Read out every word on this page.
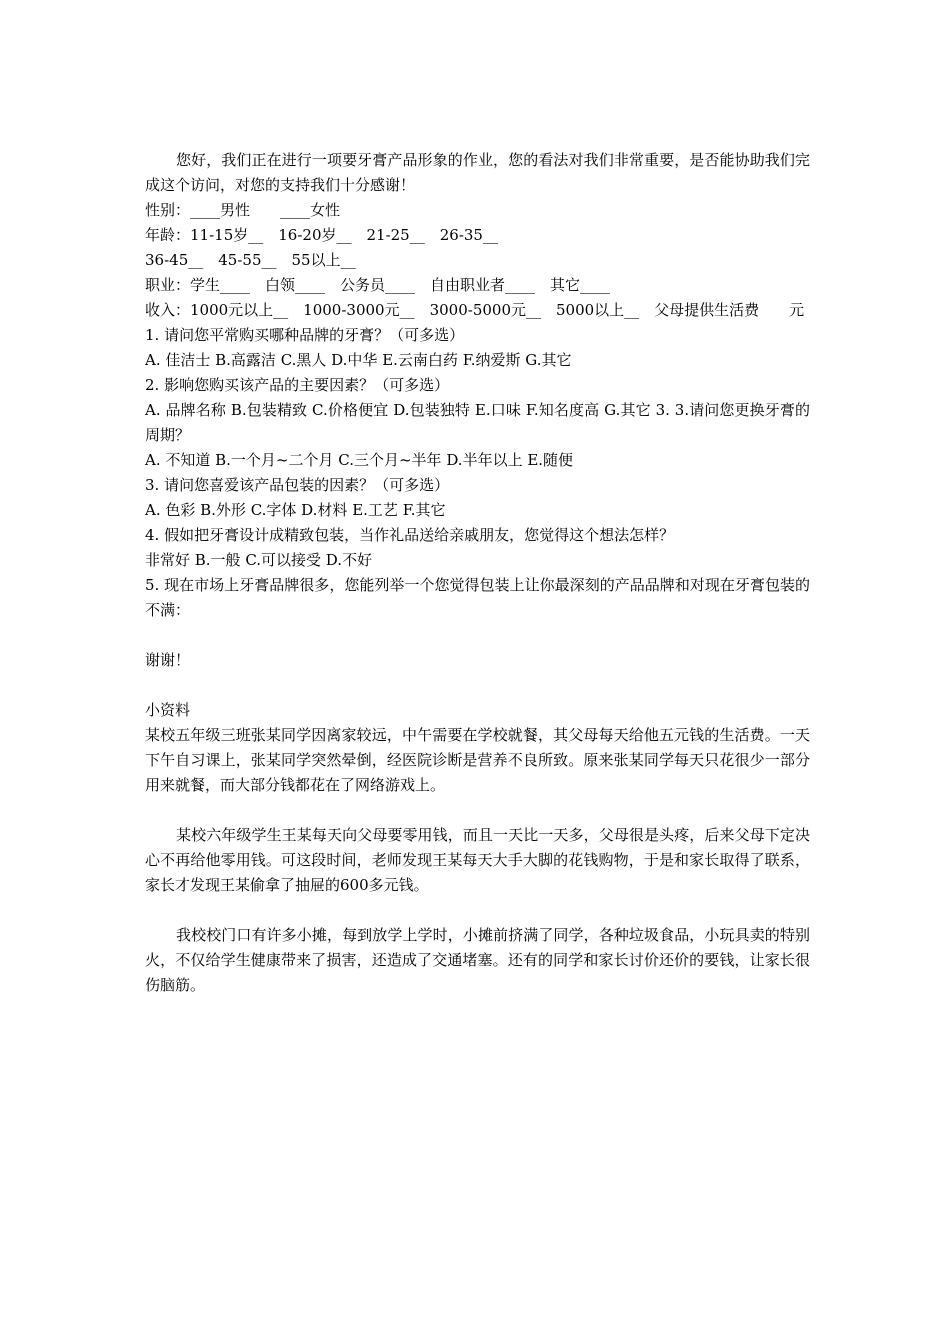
您好，我们正在进行一项要牙膏产品形象的作业，您的看法对我们非常重要，是否能协助我们完成这个访问，对您的支持我们十分感谢！

性别：____男性　　____女性

年龄：11-15岁__　16-20岁__　21-25__　26-35__

36-45__　45-55__　55以上__

职业：学生____　白领____　公务员____　自由职业者____　其它____

收入：1000元以上__　1000-3000元__　3000-5000元__　5000以上__　父母提供生活费　　元

1. 请问您平常购买哪种品牌的牙膏？（可多选）

A. 佳洁士 B.高露洁 C.黑人 D.中华 E.云南白药 F.纳爱斯 G.其它

2. 影响您购买该产品的主要因素？（可多选）

A. 品牌名称 B.包装精致 C.价格便宜 D.包装独特 E.口味 F.知名度高 G.其它 3. 3.请问您更换牙膏的周期？

A. 不知道 B.一个月~二个月 C.三个月~半年 D.半年以上 E.随便

3. 请问您喜爱该产品包装的因素？（可多选）

A. 色彩 B.外形 C.字体 D.材料 E.工艺 F.其它

4. 假如把牙膏设计成精致包装，当作礼品送给亲戚朋友，您觉得这个想法怎样？

非常好 B.一般 C.可以接受 D.不好

5. 现在市场上牙膏品牌很多，您能列举一个您觉得包装上让你最深刻的产品品牌和对现在牙膏包装的不满：

谢谢！

小资料

某校五年级三班张某同学因离家较远，中午需要在学校就餐，其父母每天给他五元钱的生活费。一天下午自习课上，张某同学突然晕倒，经医院诊断是营养不良所致。原来张某同学每天只花很少一部分用来就餐，而大部分钱都花在了网络游戏上。

某校六年级学生王某每天向父母要零用钱，而且一天比一天多，父母很是头疼，后来父母下定决心不再给他零用钱。可这段时间，老师发现王某每天大手大脚的花钱购物，于是和家长取得了联系，家长才发现王某偷拿了抽屉的600多元钱。

我校校门口有许多小摊，每到放学上学时，小摊前挤满了同学，各种垃圾食品，小玩具卖的特别火，不仅给学生健康带来了损害，还造成了交通堵塞。还有的同学和家长讨价还价的要钱，让家长很伤脑筋。
